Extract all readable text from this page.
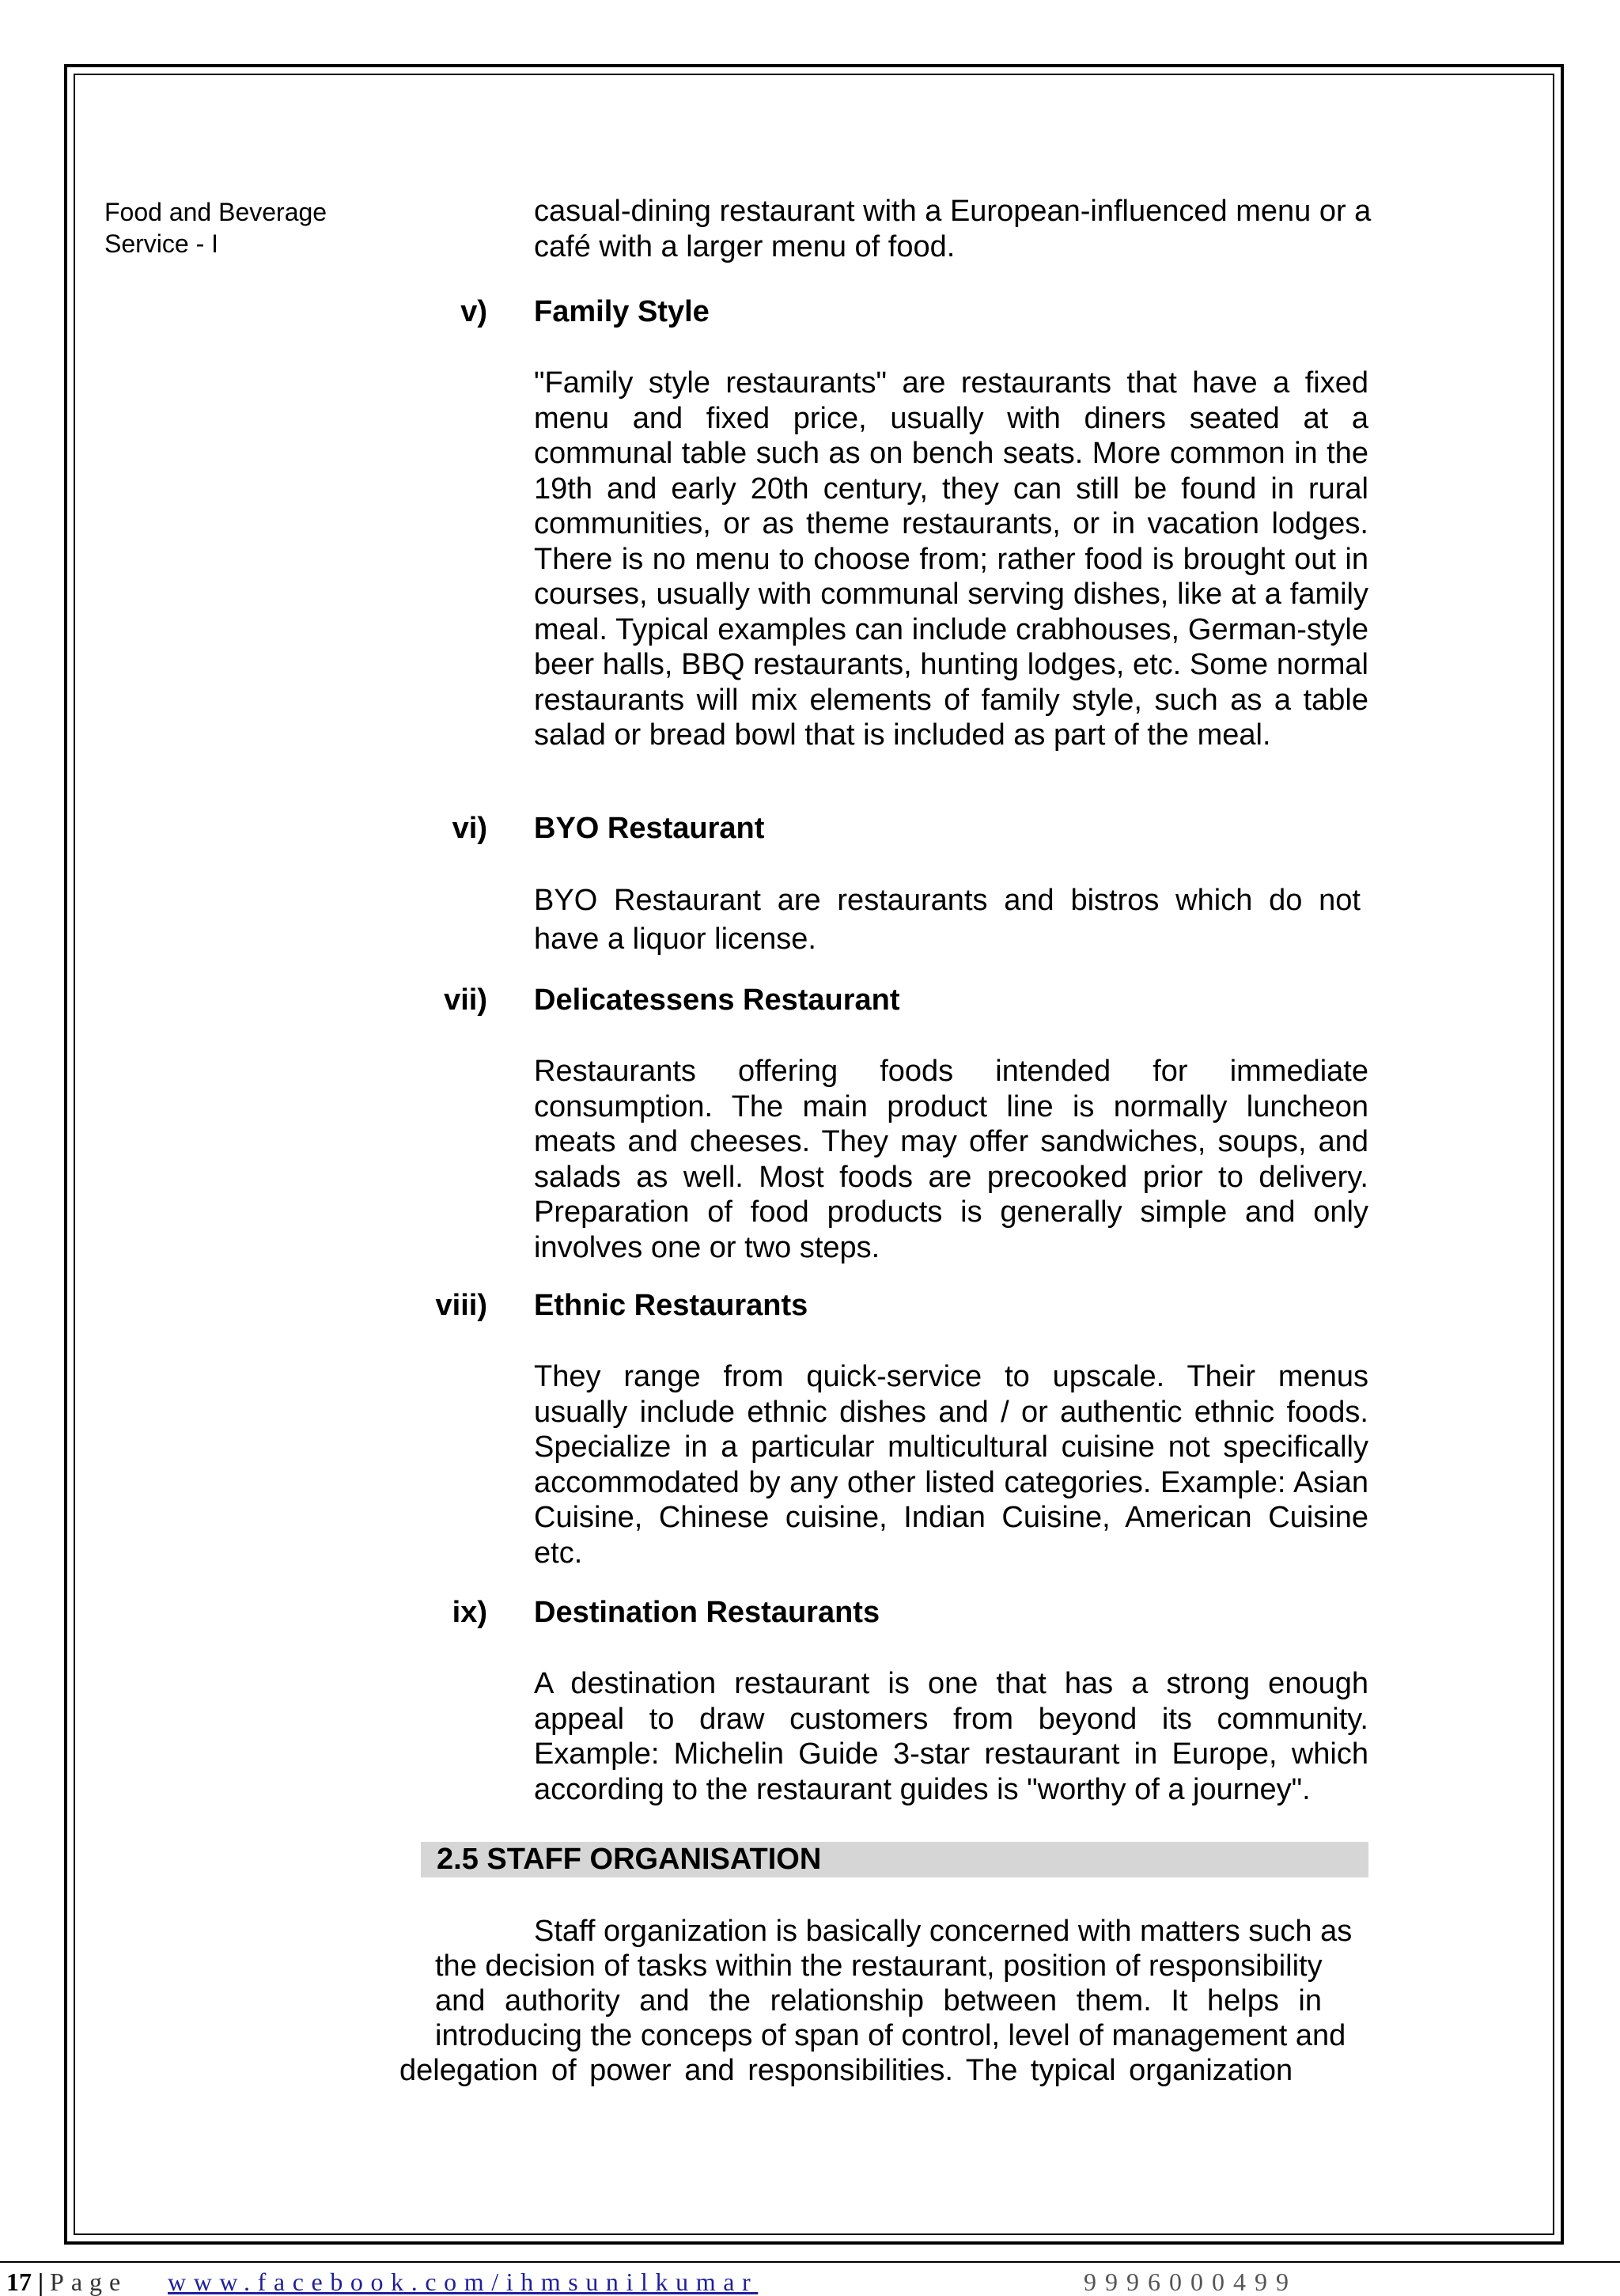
Food and Beverage
Service - I
casual-dining restaurant with a European-influenced menu or a café with a larger menu of food.
v) Family Style
"Family style restaurants" are restaurants that have a fixed menu and fixed price, usually with diners seated at a communal table such as on bench seats. More common in the 19th and early 20th century, they can still be found in rural communities, or as theme restaurants, or in vacation lodges. There is no menu to choose from; rather food is brought out in courses, usually with communal serving dishes, like at a family meal. Typical examples can include crabhouses, German-style beer halls, BBQ restaurants, hunting lodges, etc. Some normal restaurants will mix elements of family style, such as a table salad or bread bowl that is included as part of the meal.
vi) BYO Restaurant
BYO Restaurant are restaurants and bistros which do not have a liquor license.
vii) Delicatessens Restaurant
Restaurants offering foods intended for immediate consumption. The main product line is normally luncheon meats and cheeses. They may offer sandwiches, soups, and salads as well. Most foods are precooked prior to delivery. Preparation of food products is generally simple and only involves one or two steps.
viii) Ethnic Restaurants
They range from quick-service to upscale. Their menus usually include ethnic dishes and / or authentic ethnic foods. Specialize in a particular multicultural cuisine not specifically accommodated by any other listed categories. Example: Asian Cuisine, Chinese cuisine, Indian Cuisine, American Cuisine etc.
ix) Destination Restaurants
A destination restaurant is one that has a strong enough appeal to draw customers from beyond its community. Example: Michelin Guide 3-star restaurant in Europe, which according to the restaurant guides is "worthy of a journey".
2.5 STAFF ORGANISATION
Staff organization is basically concerned with matters such as
the decision of tasks within the restaurant, position of responsibility
and authority and the relationship between them. It helps in
introducing the conceps of span of control, level of management and
delegation of power and responsibilities. The typical organization
17 | Page www.facebook.com/ihmsunilkumar	9996000499
